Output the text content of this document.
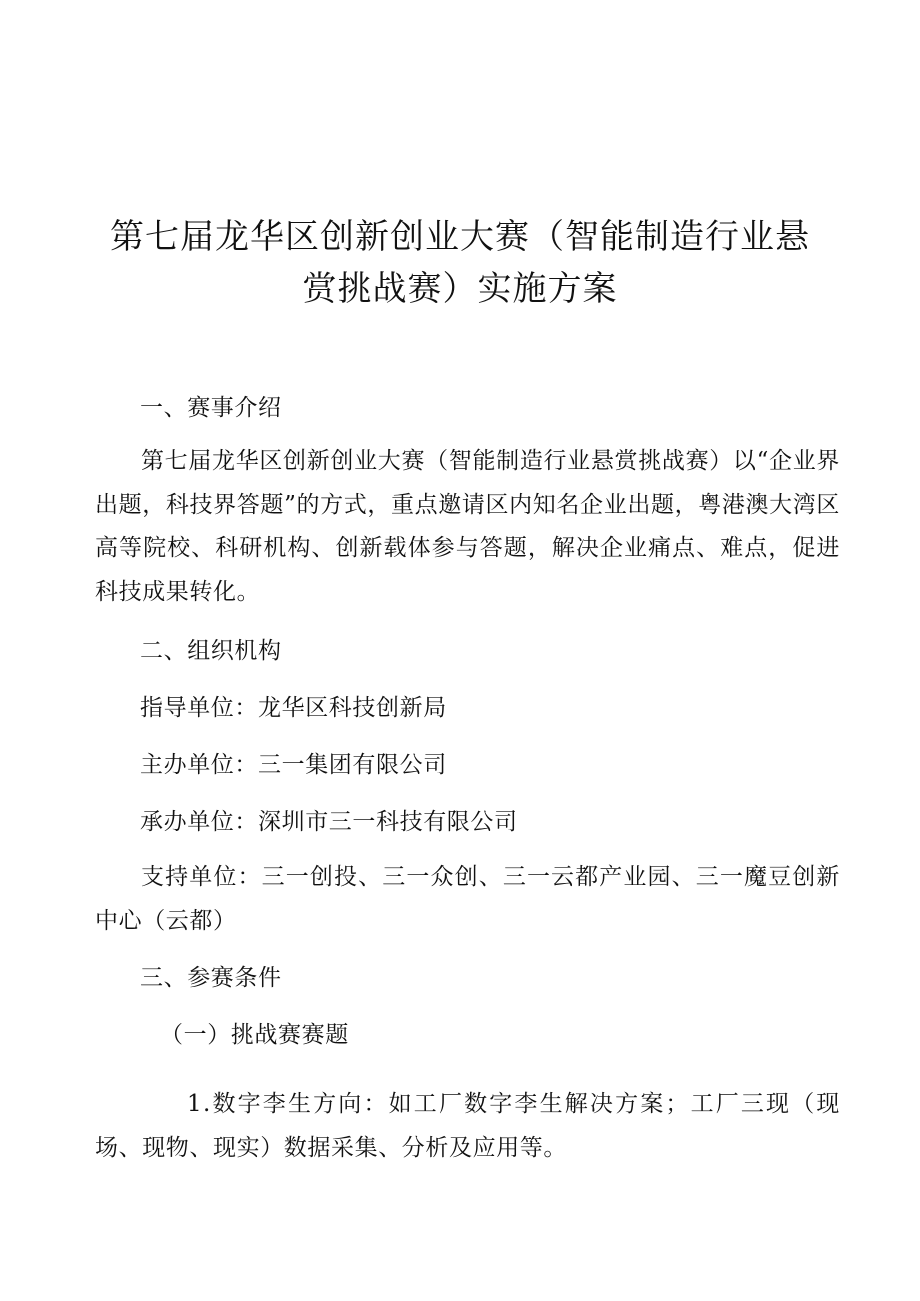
第七届龙华区创新创业大赛（智能制造行业悬
赏挑战赛）实施方案
一、赛事介绍
第七届龙华区创新创业大赛（智能制造行业悬赏挑战赛）以“企业界出题，科技界答题”的方式，重点邀请区内知名企业出题，粤港澳大湾区高等院校、科研机构、创新载体参与答题，解决企业痛点、难点，促进科技成果转化。
二、组织机构
指导单位：龙华区科技创新局
主办单位：三一集团有限公司
承办单位：深圳市三一科技有限公司
支持单位：三一创投、三一众创、三一云都产业园、三一魔豆创新中心（云都）
三、参赛条件
（一）挑战赛赛题
1.数字李生方向：如工厂数字李生解决方案；工厂三现（现场、现物、现实）数据采集、分析及应用等。
